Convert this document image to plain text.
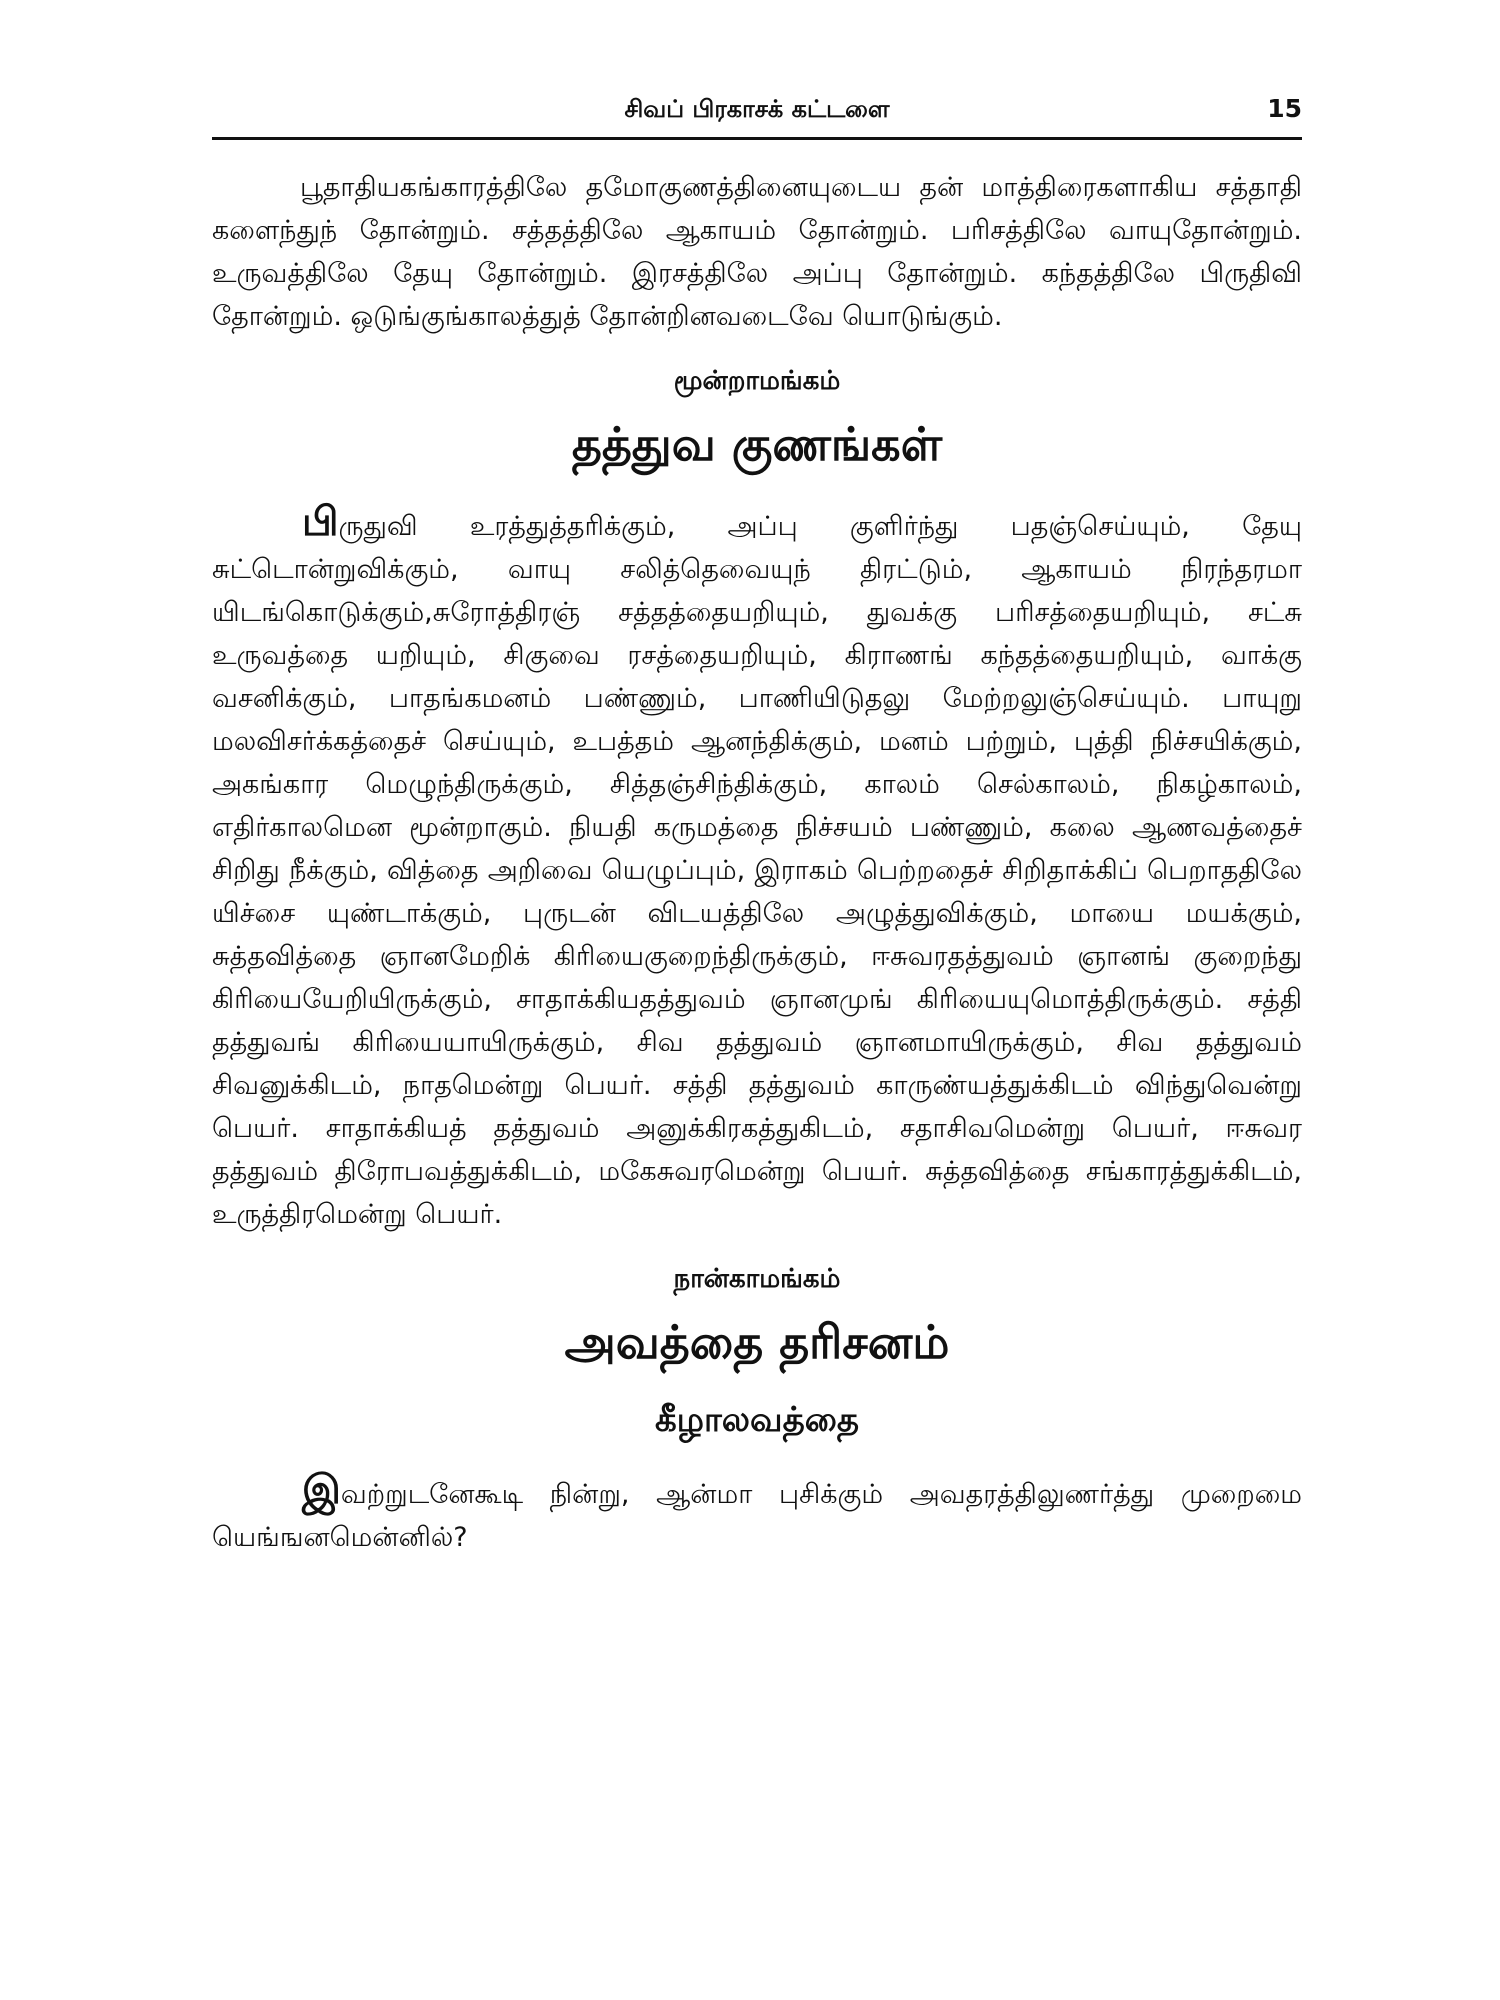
சிவப் பிரகாசக் கட்டளை	15

பூதாதியகங்காரத்திலே தமோகுணத்தினையுடைய தன் மாத்திரைகளாகிய சத்தாதி களைந்துந் தோன்றும். சத்தத்திலே ஆகாயம் தோன்றும். பரிசத்திலே வாயுதோன்றும். உருவத்திலே தேயு தோன்றும். இரசத்திலே அப்பு தோன்றும். கந்தத்திலே பிருதிவி தோன்றும். ஒடுங்குங்காலத்துத் தோன்றினவடைவே யொடுங்கும்.

மூன்றாமங்கம்
தத்துவ குணங்கள்

பிருதுவி உரத்துத்தரிக்கும், அப்பு குளிர்ந்து பதஞ்செய்யும், தேயு சுட்டொன்றுவிக்கும், வாயு சலித்தெவையுந் திரட்டும், ஆகாயம் நிரந்தரமா யிடங்கொடுக்கும்,சுரோத்திரஞ் சத்தத்தையறியும், துவக்கு பரிசத்தையறியும், சட்சு உருவத்தை யறியும், சிகுவை ரசத்தையறியும், கிராணங் கந்தத்தையறியும், வாக்கு வசனிக்கும், பாதங்கமனம் பண்ணும், பாணியிடுதலு மேற்றலுஞ்செய்யும். பாயுறு மலவிசர்க்கத்தைச் செய்யும், உபத்தம் ஆனந்திக்கும், மனம் பற்றும், புத்தி நிச்சயிக்கும், அகங்கார மெழுந்திருக்கும், சித்தஞ்சிந்திக்கும், காலம் செல்காலம், நிகழ்காலம், எதிர்காலமென மூன்றாகும். நியதி கருமத்தை நிச்சயம் பண்ணும், கலை ஆணவத்தைச் சிறிது நீக்கும், வித்தை அறிவை யெழுப்பும், இராகம் பெற்றதைச் சிறிதாக்கிப் பெறாததிலே யிச்சை யுண்டாக்கும், புருடன் விடயத்திலே அழுத்துவிக்கும், மாயை மயக்கும், சுத்தவித்தை ஞானமேறிக் கிரியைகுறைந்திருக்கும், ஈசுவரதத்துவம் ஞானங் குறைந்து கிரியையேறியிருக்கும், சாதாக்கியதத்துவம் ஞானமுங் கிரியையுமொத்திருக்கும். சத்தி தத்துவங் கிரியையாயிருக்கும், சிவ தத்துவம் ஞானமாயிருக்கும், சிவ தத்துவம் சிவனுக்கிடம், நாதமென்று பெயர். சத்தி தத்துவம் காருண்யத்துக்கிடம் விந்துவென்று பெயர். சாதாக்கியத் தத்துவம் அனுக்கிரகத்துகிடம், சதாசிவமென்று பெயர், ஈசுவர தத்துவம் திரோபவத்துக்கிடம், மகேசுவரமென்று பெயர். சுத்தவித்தை சங்காரத்துக்கிடம், உருத்திரமென்று பெயர்.

நான்காமங்கம்
அவத்தை தரிசனம்
கீழாலவத்தை

இவற்றுடனேகூடி நின்று, ஆன்மா புசிக்கும் அவதரத்திலுணர்த்து முறைமை யெங்ஙனமென்னில்?
